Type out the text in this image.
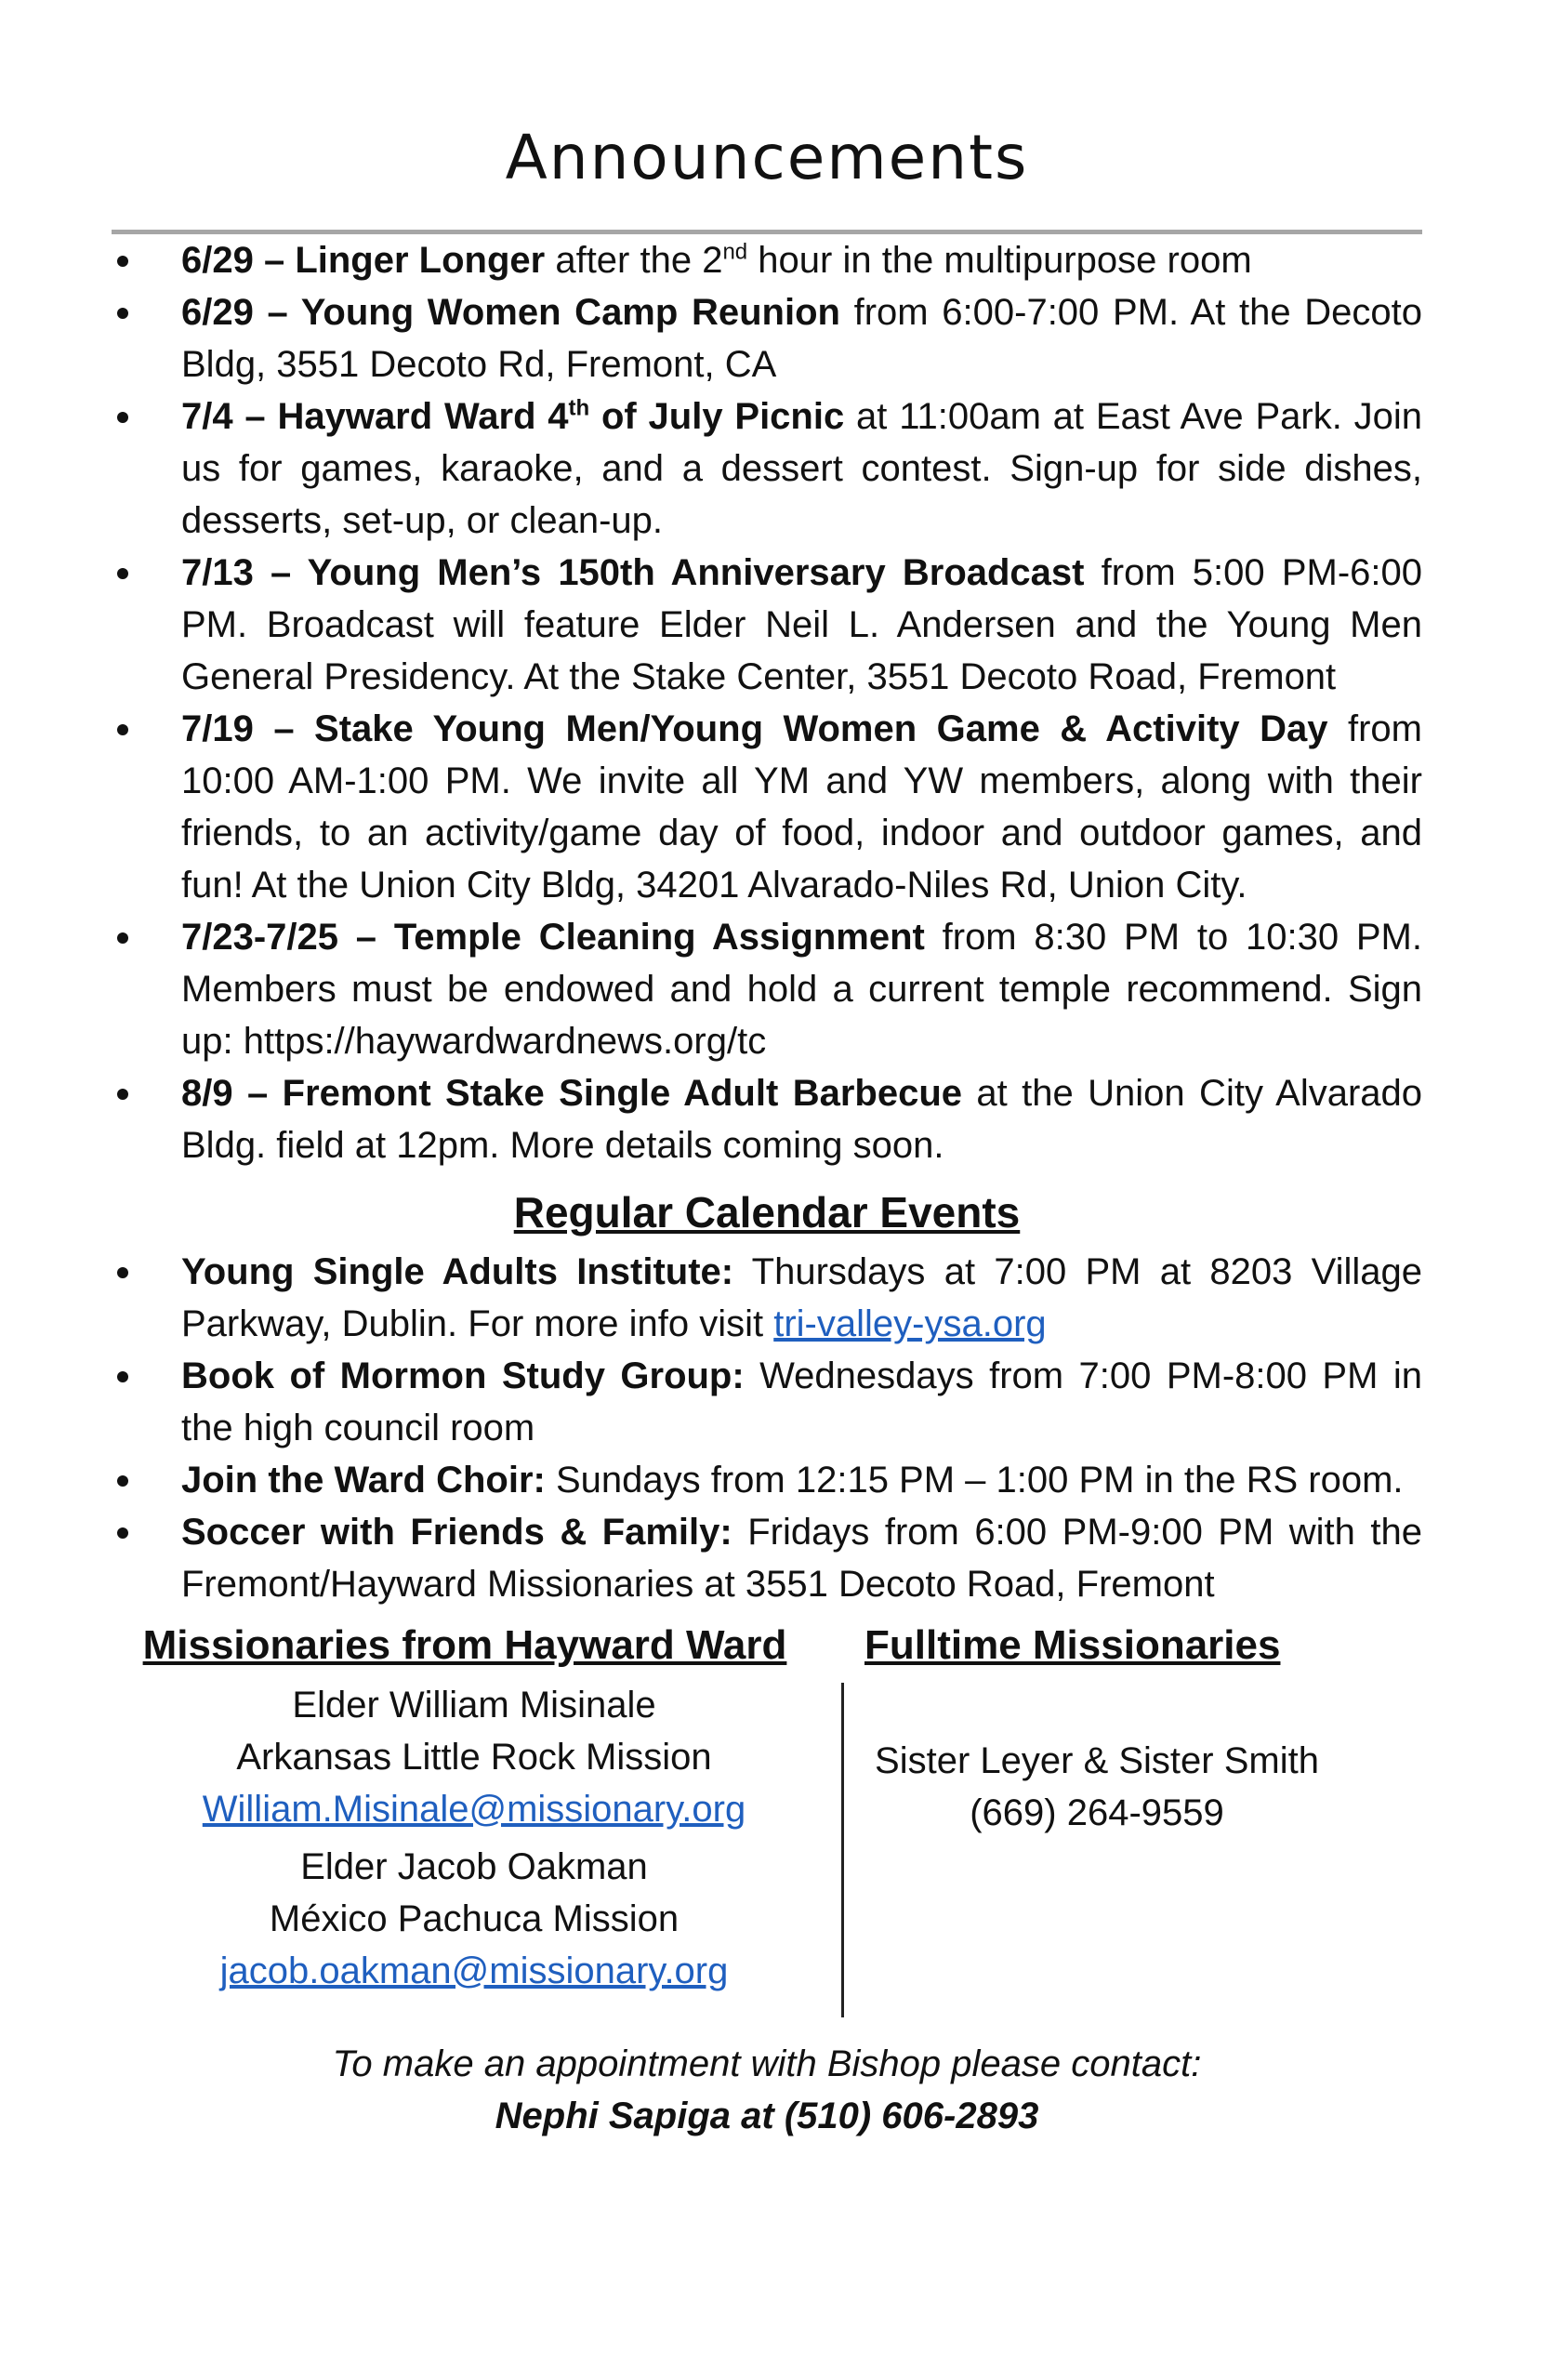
Announcements
6/29 – Linger Longer after the 2nd hour in the multipurpose room
6/29 – Young Women Camp Reunion from 6:00-7:00 PM. At the Decoto Bldg, 3551 Decoto Rd, Fremont, CA
7/4 – Hayward Ward 4th of July Picnic at 11:00am at East Ave Park. Join us for games, karaoke, and a dessert contest. Sign-up for side dishes, desserts, set-up, or clean-up.
7/13 – Young Men’s 150th Anniversary Broadcast from 5:00 PM-6:00 PM. Broadcast will feature Elder Neil L. Andersen and the Young Men General Presidency. At the Stake Center, 3551 Decoto Road, Fremont
7/19 – Stake Young Men/Young Women Game & Activity Day from 10:00 AM-1:00 PM. We invite all YM and YW members, along with their friends, to an activity/game day of food, indoor and outdoor games, and fun! At the Union City Bldg, 34201 Alvarado-Niles Rd, Union City.
7/23-7/25 – Temple Cleaning Assignment from 8:30 PM to 10:30 PM. Members must be endowed and hold a current temple recommend. Sign up: https://haywardwardnews.org/tc
8/9 – Fremont Stake Single Adult Barbecue at the Union City Alvarado Bldg. field at 12pm. More details coming soon.
Regular Calendar Events
Young Single Adults Institute: Thursdays at 7:00 PM at 8203 Village Parkway, Dublin. For more info visit tri-valley-ysa.org
Book of Mormon Study Group: Wednesdays from 7:00 PM-8:00 PM in the high council room
Join the Ward Choir: Sundays from 12:15 PM – 1:00 PM in the RS room.
Soccer with Friends & Family: Fridays from 6:00 PM-9:00 PM with the Fremont/Hayward Missionaries at 3551 Decoto Road, Fremont
Missionaries from Hayward Ward
Elder William Misinale
Arkansas Little Rock Mission
William.Misinale@missionary.org
Elder Jacob Oakman
México Pachuca Mission
jacob.oakman@missionary.org
Fulltime Missionaries
Sister Leyer & Sister Smith
(669) 264-9559
To make an appointment with Bishop please contact:
Nephi Sapiga at (510) 606-2893
